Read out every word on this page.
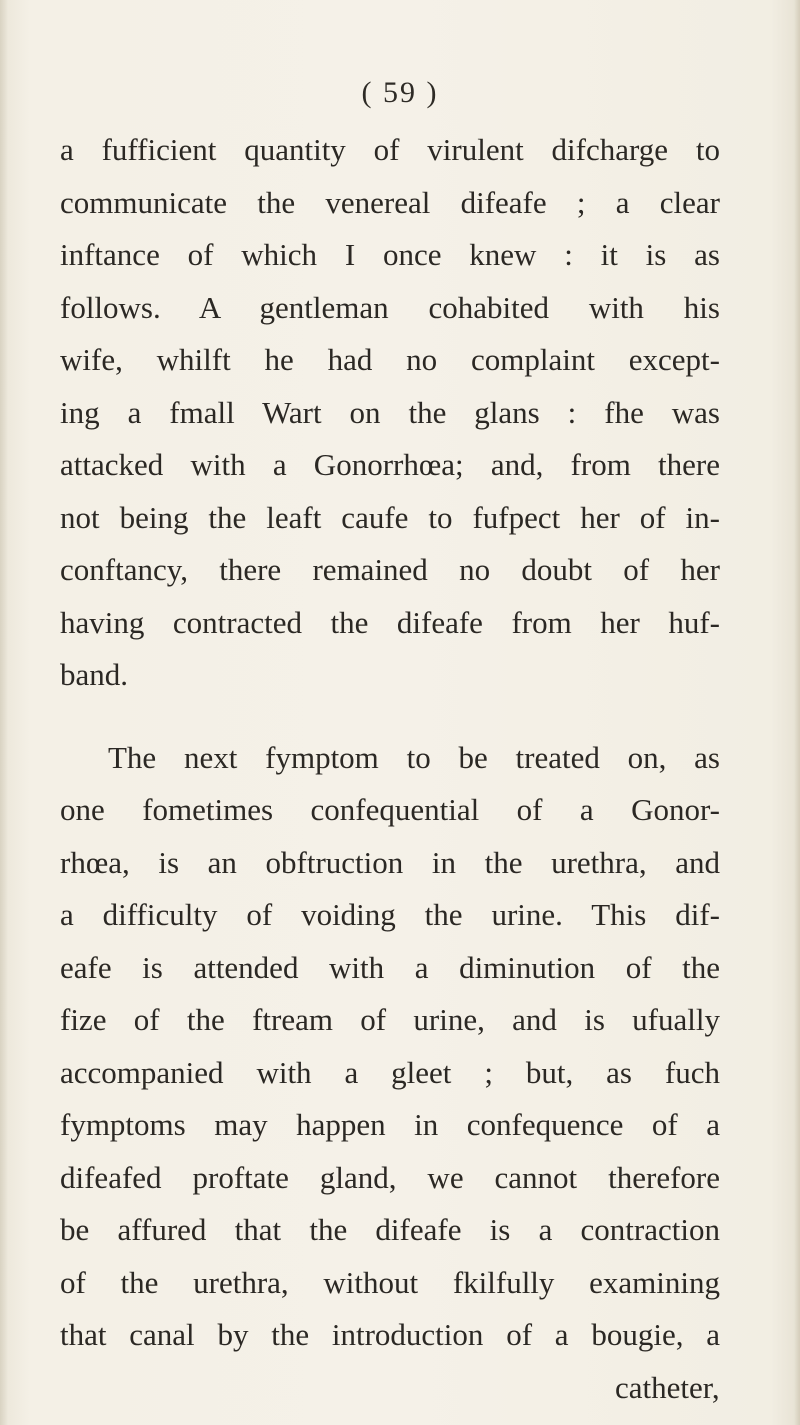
( 59 )
a fufficient quantity of virulent difcharge to
communicate the venereal difeafe ; a clear
inftance of which I once knew : it is as
follows. A gentleman cohabited with his
wife, whilft he had no complaint except-
ing a fmall Wart on the glans : fhe was
attacked with a Gonorrhœa; and, from there
not being the leaft caufe to fufpect her of in-
conftancy, there remained no doubt of her
having contracted the difeafe from her huf-
band.
The next fymptom to be treated on, as
one fometimes confequential of a Gonor-
rhœa, is an obftruction in the urethra, and
a difficulty of voiding the urine. This dif-
eafe is attended with a diminution of the
fize of the ftream of urine, and is ufually
accompanied with a gleet ; but, as fuch
fymptoms may happen in confequence of a
difeafed proftate gland, we cannot therefore
be affured that the difeafe is a contraction
of the urethra, without fkilfully examining
that canal by the introduction of a bougie, a
catheter,
